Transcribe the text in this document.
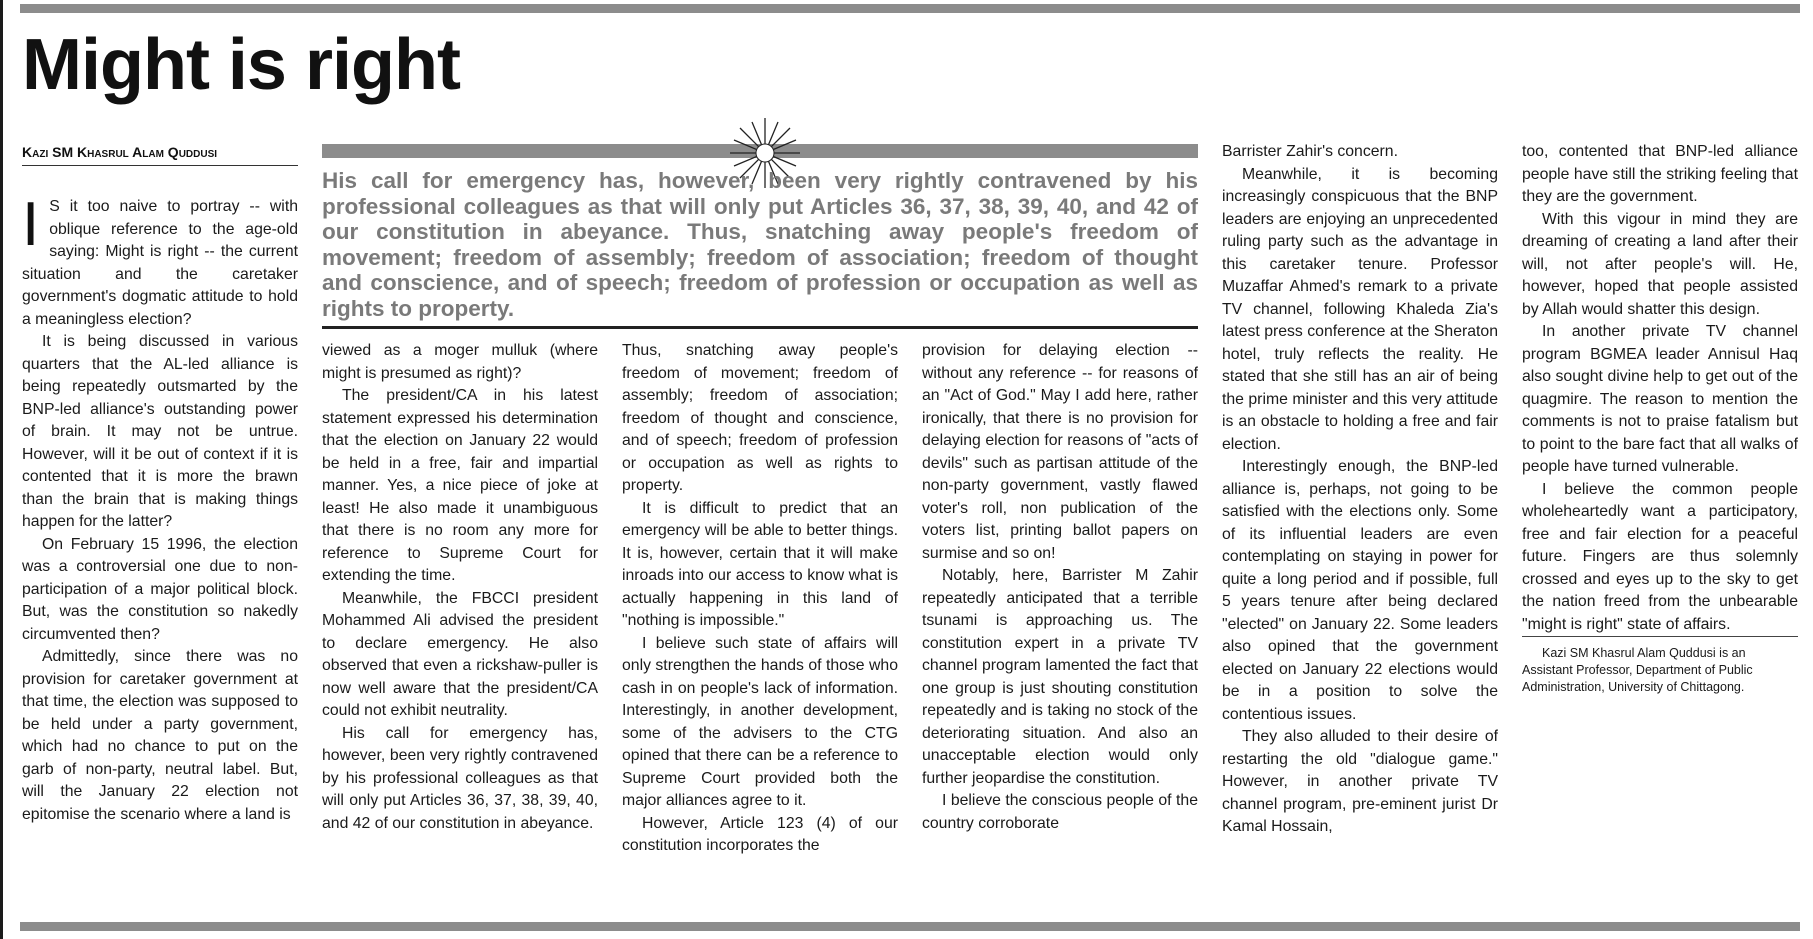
Might is right
Kazi SM Khasrul Alam Quddusi

His call for emergency has, however, been very rightly contravened by his professional colleagues as that will only put Articles 36, 37, 38, 39, 40, and 42 of our constitution in abeyance. Thus, snatching away people's freedom of movement; freedom of assembly; freedom of association; freedom of thought and conscience, and of speech; freedom of profession or occupation as well as rights to property.

I S it too naive to portray -- with oblique reference to the age-old saying: Might is right -- the current situation and the caretaker government's dogmatic attitude to hold a meaningless election?

It is being discussed in various quarters that the AL-led alliance is being repeatedly outsmarted by the BNP-led alliance's outstanding power of brain. It may not be untrue. However, will it be out of context if it is contented that it is more the brawn than the brain that is making things happen for the latter?

On February 15 1996, the election was a controversial one due to non-participation of a major political block. But, was the constitution so nakedly circumvented then?

Admittedly, since there was no provision for caretaker government at that time, the election was supposed to be held under a party government, which had no chance to put on the garb of non-party, neutral label. But, will the January 22 election not epitomise the scenario where a land is

viewed as a moger mulluk (where might is presumed as right)?

The president/CA in his latest statement expressed his determination that the election on January 22 would be held in a free, fair and impartial manner. Yes, a nice piece of joke at least! He also made it unambiguous that there is no room any more for reference to Supreme Court for extending the time.

Meanwhile, the FBCCI president Mohammed Ali advised the president to declare emergency. He also observed that even a rickshaw-puller is now well aware that the president/CA could not exhibit neutrality.

His call for emergency has, however, been very rightly contravened by his professional colleagues as that will only put Articles 36, 37, 38, 39, 40, and 42 of our constitution in abeyance.

Thus, snatching away people's freedom of movement; freedom of assembly; freedom of association; freedom of thought and conscience, and of speech; freedom of profession or occupation as well as rights to property.

It is difficult to predict that an emergency will be able to better things. It is, however, certain that it will make inroads into our access to know what is actually happening in this land of "nothing is impossible."

I believe such state of affairs will only strengthen the hands of those who cash in on people's lack of information. Interestingly, in another development, some of the advisers to the CTG opined that there can be a reference to Supreme Court provided both the major alliances agree to it.

However, Article 123 (4) of our constitution incorporates the

provision for delaying election -- without any reference -- for reasons of an "Act of God." May I add here, rather ironically, that there is no provision for delaying election for reasons of "acts of devils" such as partisan attitude of the non-party government, vastly flawed voter's roll, non publication of the voters list, printing ballot papers on surmise and so on!

Notably, here, Barrister M Zahir repeatedly anticipated that a terrible tsunami is approaching us. The constitution expert in a private TV channel program lamented the fact that one group is just shouting constitution repeatedly and is taking no stock of the deteriorating situation. And also an unacceptable election would only further jeopardise the constitution.

I believe the conscious people of the country corroborate

Barrister Zahir's concern.

Meanwhile, it is becoming increasingly conspicuous that the BNP leaders are enjoying an unprecedented ruling party such as the advantage in this caretaker tenure. Professor Muzaffar Ahmed's remark to a private TV channel, following Khaleda Zia's latest press conference at the Sheraton hotel, truly reflects the reality. He stated that she still has an air of being the prime minister and this very attitude is an obstacle to holding a free and fair election.

Interestingly enough, the BNP-led alliance is, perhaps, not going to be satisfied with the elections only. Some of its influential leaders are even contemplating on staying in power for quite a long period and if possible, full 5 years tenure after being declared "elected" on January 22. Some leaders also opined that the government elected on January 22 elections would be in a position to solve the contentious issues.

They also alluded to their desire of restarting the old "dialogue game." However, in another private TV channel program, pre-eminent jurist Dr Kamal Hossain,

too, contented that BNP-led alliance people have still the striking feeling that they are the government.

With this vigour in mind they are dreaming of creating a land after their will, not after people's will. He, however, hoped that people assisted by Allah would shatter this design.

In another private TV channel program BGMEA leader Annisul Haq also sought divine help to get out of the quagmire. The reason to mention the comments is not to praise fatalism but to point to the bare fact that all walks of people have turned vulnerable.

I believe the common people wholeheartedly want a participatory, free and fair election for a peaceful future. Fingers are thus solemnly crossed and eyes up to the sky to get the nation freed from the unbearable "might is right" state of affairs.

Kazi SM Khasrul Alam Quddusi is an Assistant Professor, Department of Public Administration, University of Chittagong.
